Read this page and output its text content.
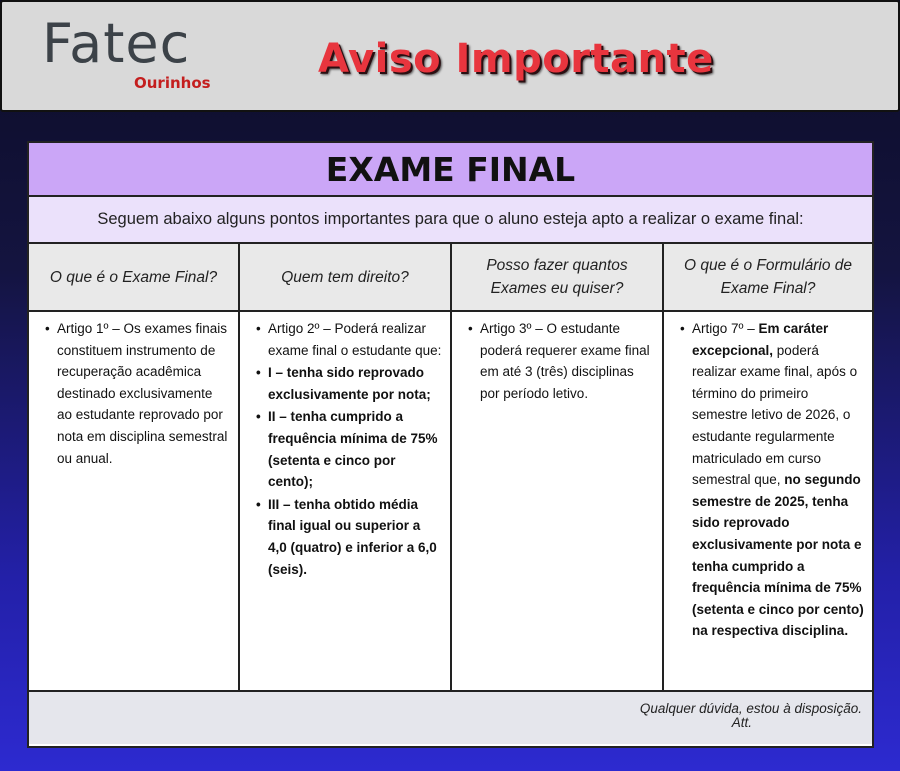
Fatec
Ourinhos
Aviso Importante
EXAME FINAL
Seguem abaixo alguns pontos importantes para que o aluno esteja apto a realizar o exame final:
O que é o Exame Final?	Quem tem direito?
Posso fazer quantos Exames eu quiser?
O que é o Formulário de Exame Final?
• Artigo 1º – Os exames finais constituem instrumento de recuperação acadêmica destinado exclusivamente ao estudante reprovado por nota em disciplina semestral ou anual.
• Artigo 2º – Poderá realizar exame final o estudante que:
• I – tenha sido reprovado exclusivamente por nota;
• II – tenha cumprido a frequência mínima de 75% (setenta e cinco por cento);
• III – tenha obtido média final igual ou superior a 4,0 (quatro) e inferior a 6,0 (seis).
• Artigo 3º – O estudante poderá requerer exame final em até 3 (três) disciplinas por período letivo.
• Artigo 7º – Em caráter excepcional, poderá realizar exame final, após o término do primeiro semestre letivo de 2026, o estudante regularmente matriculado em curso semestral que, no segundo semestre de 2025, tenha sido reprovado exclusivamente por nota e tenha cumprido a frequência mínima de 75% (setenta e cinco por cento) na respectiva disciplina.
Qualquer dúvida, estou à disposição.
Att.
